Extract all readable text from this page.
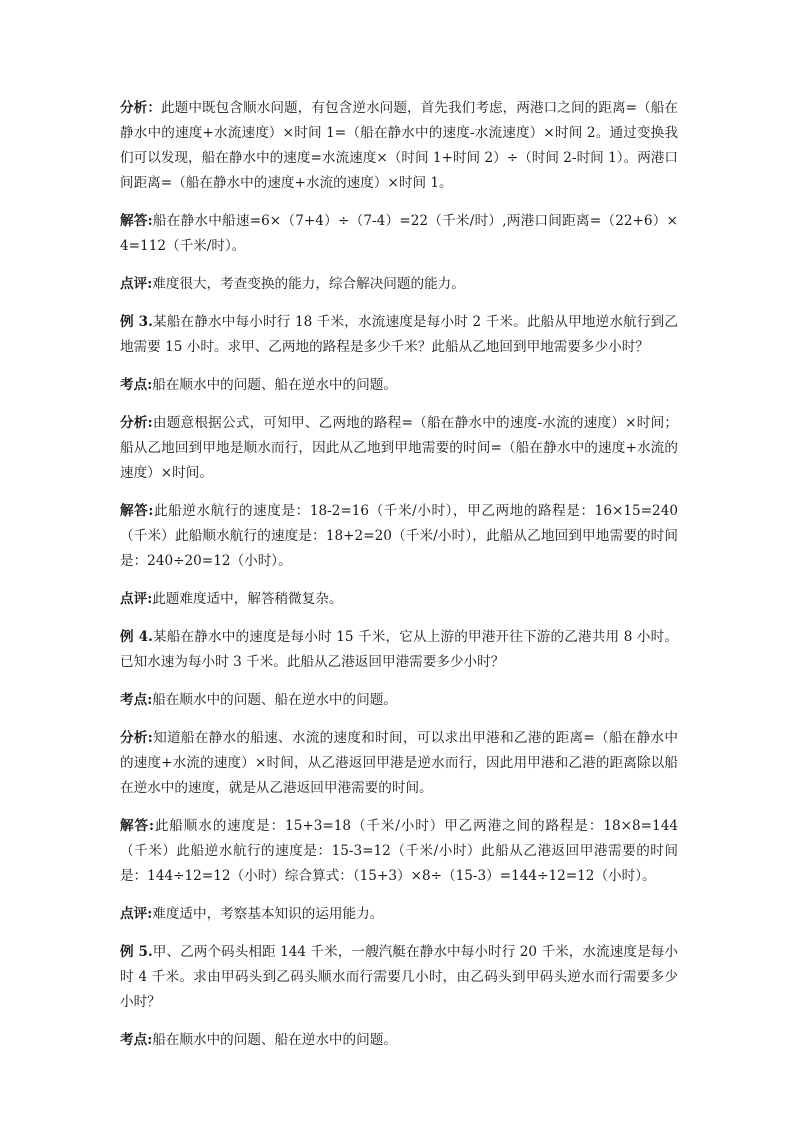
分析：此题中既包含顺水问题，有包含逆水问题，首先我们考虑，两港口之间的距离=（船在静水中的速度+水流速度）×时间 1=（船在静水中的速度-水流速度）×时间 2。通过变换我们可以发现，船在静水中的速度=水流速度×（时间 1+时间 2）÷（时间 2-时间 1）。两港口间距离=（船在静水中的速度+水流的速度）×时间 1。

解答:船在静水中船速=6×（7+4）÷（7-4）=22（千米/时）,两港口间距离=（22+6）×4=112（千米/时）。

点评:难度很大，考查变换的能力，综合解决问题的能力。

例 3.某船在静水中每小时行 18 千米，水流速度是每小时 2 千米。此船从甲地逆水航行到乙地需要 15 小时。求甲、乙两地的路程是多少千米？此船从乙地回到甲地需要多少小时？

考点:船在顺水中的问题、船在逆水中的问题。

分析:由题意根据公式，可知甲、乙两地的路程=（船在静水中的速度-水流的速度）×时间；船从乙地回到甲地是顺水而行，因此从乙地到甲地需要的时间=（船在静水中的速度+水流的速度）×时间。

解答:此船逆水航行的速度是：18-2=16（千米/小时），甲乙两地的路程是：16×15=240（千米）此船顺水航行的速度是：18+2=20（千米/小时），此船从乙地回到甲地需要的时间是：240÷20=12（小时）。

点评:此题难度适中，解答稍微复杂。

例 4.某船在静水中的速度是每小时 15 千米，它从上游的甲港开往下游的乙港共用 8 小时。已知水速为每小时 3 千米。此船从乙港返回甲港需要多少小时？

考点:船在顺水中的问题、船在逆水中的问题。

分析:知道船在静水的船速、水流的速度和时间，可以求出甲港和乙港的距离=（船在静水中的速度+水流的速度）×时间，从乙港返回甲港是逆水而行，因此用甲港和乙港的距离除以船在逆水中的速度，就是从乙港返回甲港需要的时间。

解答:此船顺水的速度是：15+3=18（千米/小时）甲乙两港之间的路程是：18×8=144（千米）此船逆水航行的速度是：15-3=12（千米/小时）此船从乙港返回甲港需要的时间是：144÷12=12（小时）综合算式：（15+3）×8÷（15-3）=144÷12=12（小时）。

点评:难度适中，考察基本知识的运用能力。

例 5.甲、乙两个码头相距 144 千米，一艘汽艇在静水中每小时行 20 千米，水流速度是每小时 4 千米。求由甲码头到乙码头顺水而行需要几小时，由乙码头到甲码头逆水而行需要多少小时？

考点:船在顺水中的问题、船在逆水中的问题。
